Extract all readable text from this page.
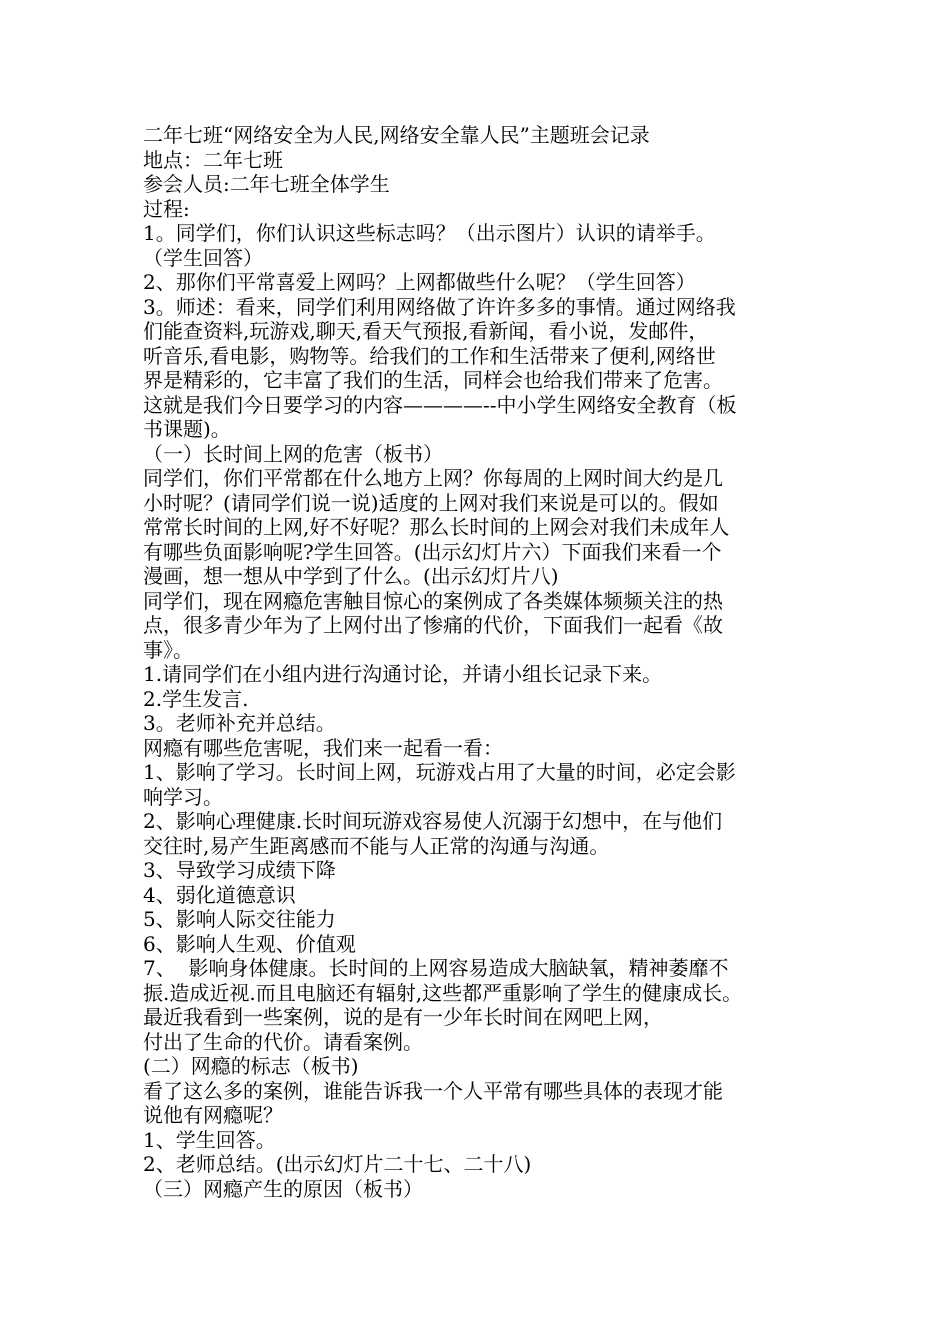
二年七班“网络安全为人民,网络安全靠人民”主题班会记录

地点：二年七班

参会人员:二年七班全体学生

过程:

1。同学们，你们认识这些标志吗？（出示图片）认识的请举手。

（学生回答）

2、那你们平常喜爱上网吗？上网都做些什么呢？（学生回答）

3。师述：看来，同学们利用网络做了许许多多的事情。通过网络我

们能查资料,玩游戏,聊天,看天气预报,看新闻，看小说，发邮件，

听音乐,看电影，购物等。给我们的工作和生活带来了便利,网络世

界是精彩的，它丰富了我们的生活，同样会也给我们带来了危害。

这就是我们今日要学习的内容————--中小学生网络安全教育（板

书课题)。

（一）长时间上网的危害（板书）

同学们，你们平常都在什么地方上网？你每周的上网时间大约是几

小时呢？(请同学们说一说)适度的上网对我们来说是可以的。假如

常常长时间的上网,好不好呢？那么长时间的上网会对我们未成年人

有哪些负面影响呢?学生回答。(出示幻灯片六）下面我们来看一个

漫画，想一想从中学到了什么。(出示幻灯片八)

同学们，现在网瘾危害触目惊心的案例成了各类媒体频频关注的热

点，很多青少年为了上网付出了惨痛的代价，下面我们一起看《故

事》。

1.请同学们在小组内进行沟通讨论，并请小组长记录下来。

2.学生发言.

3。老师补充并总结。

网瘾有哪些危害呢，我们来一起看一看：

1、影响了学习。长时间上网，玩游戏占用了大量的时间，必定会影

响学习。

2、影响心理健康.长时间玩游戏容易使人沉溺于幻想中，在与他们

交往时,易产生距离感而不能与人正常的沟通与沟通。

3、导致学习成绩下降

4、弱化道德意识

5、影响人际交往能力

6、影响人生观、价值观

7、  影响身体健康。长时间的上网容易造成大脑缺氧，精神萎靡不

振.造成近视.而且电脑还有辐射,这些都严重影响了学生的健康成长。

最近我看到一些案例，说的是有一少年长时间在网吧上网，

付出了生命的代价。请看案例。

(二）网瘾的标志（板书)

看了这么多的案例，谁能告诉我一个人平常有哪些具体的表现才能

说他有网瘾呢？

1、学生回答。

2、老师总结。(出示幻灯片二十七、二十八)

（三）网瘾产生的原因（板书）
